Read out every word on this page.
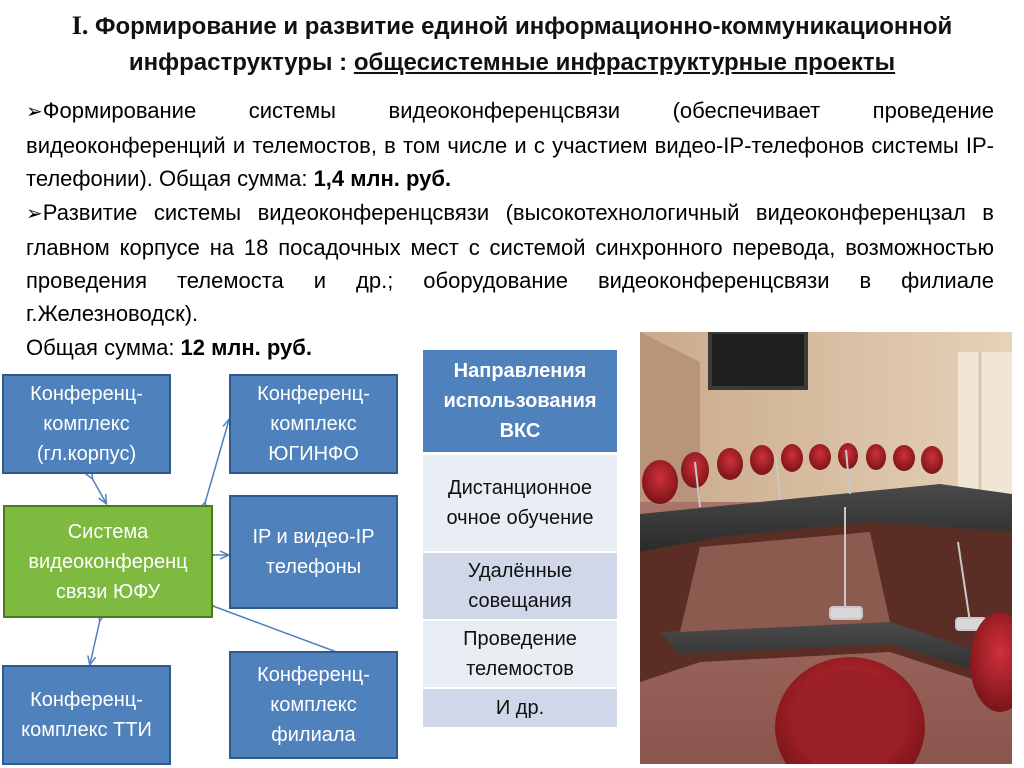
I. Формирование и развитие единой информационно-коммуникационной
инфраструктуры : общесистемные инфраструктурные проекты

➢Формирование системы видеоконференцсвязи (обеспечивает проведение видеоконференций и телемостов, в том числе и с участием видео-IP-телефонов системы IP-телефонии). Общая сумма: 1,4 млн. руб.

➢Развитие системы видеоконференцсвязи (высокотехнологичный видеоконференцзал в главном корпусе на 18 посадочных мест с системой синхронного перевода, возможностью проведения телемоста и др.; оборудование видеоконференцсвязи в филиале г.Железноводск).

Общая сумма: 12 млн. руб.
Конференц-комплекс (гл.корпус)
Конференц-комплекс ЮГИНФО
Система видеоконференц связи ЮФУ
IP и видео-IP телефоны
Конференц-комплекс ТТИ
Конференц-комплекс филиала
Направления использования ВКС
Дистанционное очное обучение
Удалённые совещания
Проведение телемостов
И др.
